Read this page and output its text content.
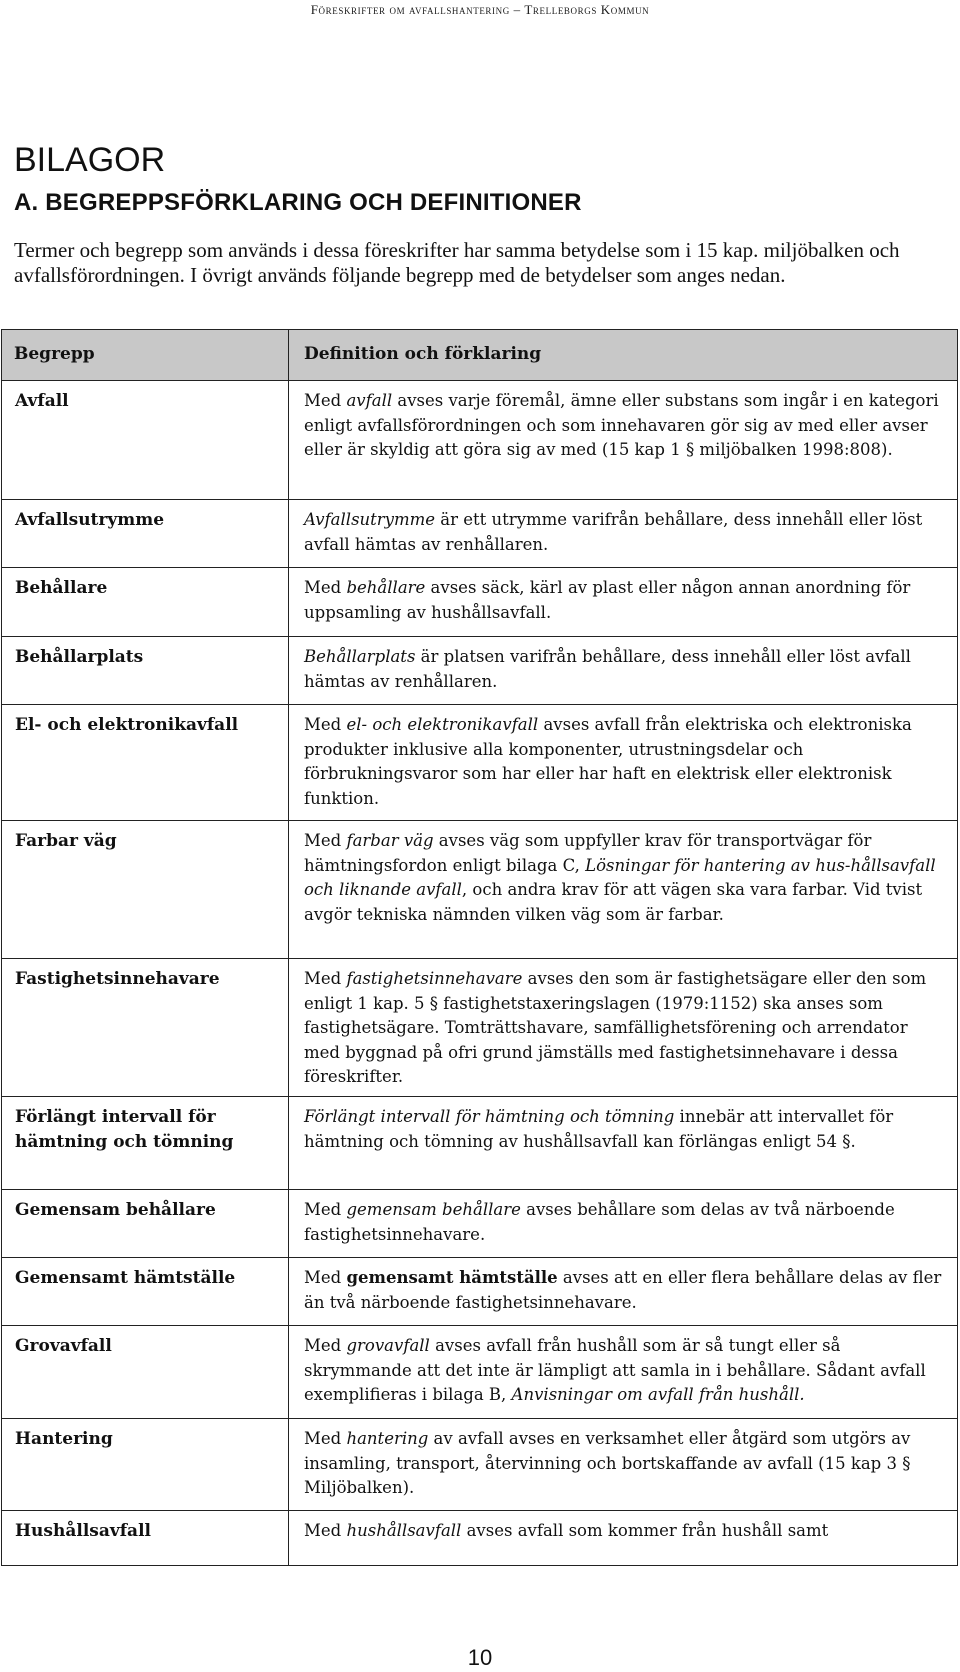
Föreskrifter om avfallshantering – Trelleborgs Kommun
BILAGOR
A. BEGREPPSFÖRKLARING OCH DEFINITIONER

Termer och begrepp som används i dessa föreskrifter har samma betydelse som i 15 kap. miljöbalken och avfallsförordningen. I övrigt används följande begrepp med de betydelser som anges nedan.

Begrepp	Definition och förklaring
Avfall	Med avfall avses varje föremål, ämne eller substans som ingår i en kategori enligt avfallsförordningen och som innehavaren gör sig av med eller avser eller är skyldig att göra sig av med (15 kap 1 § miljöbalken 1998:808).
Avfallsutrymme	Avfallsutrymme är ett utrymme varifrån behållare, dess innehåll eller löst avfall hämtas av renhållaren.
Behållare	Med behållare avses säck, kärl av plast eller någon annan anordning för uppsamling av hushållsavfall.
Behållarplats	Behållarplats är platsen varifrån behållare, dess innehåll eller löst avfall hämtas av renhållaren.
El- och elektronikavfall	Med el- och elektronikavfall avses avfall från elektriska och elektroniska produkter inklusive alla komponenter, utrustningsdelar och förbrukningsvaror som har eller har haft en elektrisk eller elektronisk funktion.
Farbar väg	Med farbar väg avses väg som uppfyller krav för transportvägar för hämtningsfordon enligt bilaga C, Lösningar för hantering av hus-hållsavfall och liknande avfall, och andra krav för att vägen ska vara farbar. Vid tvist avgör tekniska nämnden vilken väg som är farbar.
Fastighetsinnehavare	Med fastighetsinnehavare avses den som är fastighetsägare eller den som enligt 1 kap. 5 § fastighetstaxeringslagen (1979:1152) ska anses som fastighetsägare. Tomträttshavare, samfällighetsförening och arrendator med byggnad på ofri grund jämställs med fastighetsinnehavare i dessa föreskrifter.
Förlängt intervall för hämtning och tömning	Förlängt intervall för hämtning och tömning innebär att intervallet för hämtning och tömning av hushållsavfall kan förlängas enligt 54 §.
Gemensam behållare	Med gemensam behållare avses behållare som delas av två närboende fastighetsinnehavare.
Gemensamt hämtställe	Med gemensamt hämtställe avses att en eller flera behållare delas av fler än två närboende fastighetsinnehavare.
Grovavfall	Med grovavfall avses avfall från hushåll som är så tungt eller så skrymmande att det inte är lämpligt att samla in i behållare. Sådant avfall exemplifieras i bilaga B, Anvisningar om avfall från hushåll.
Hantering	Med hantering av avfall avses en verksamhet eller åtgärd som utgörs av insamling, transport, återvinning och bortskaffande av avfall (15 kap 3 § Miljöbalken).
Hushållsavfall	Med hushållsavfall avses avfall som kommer från hushåll samt
10
